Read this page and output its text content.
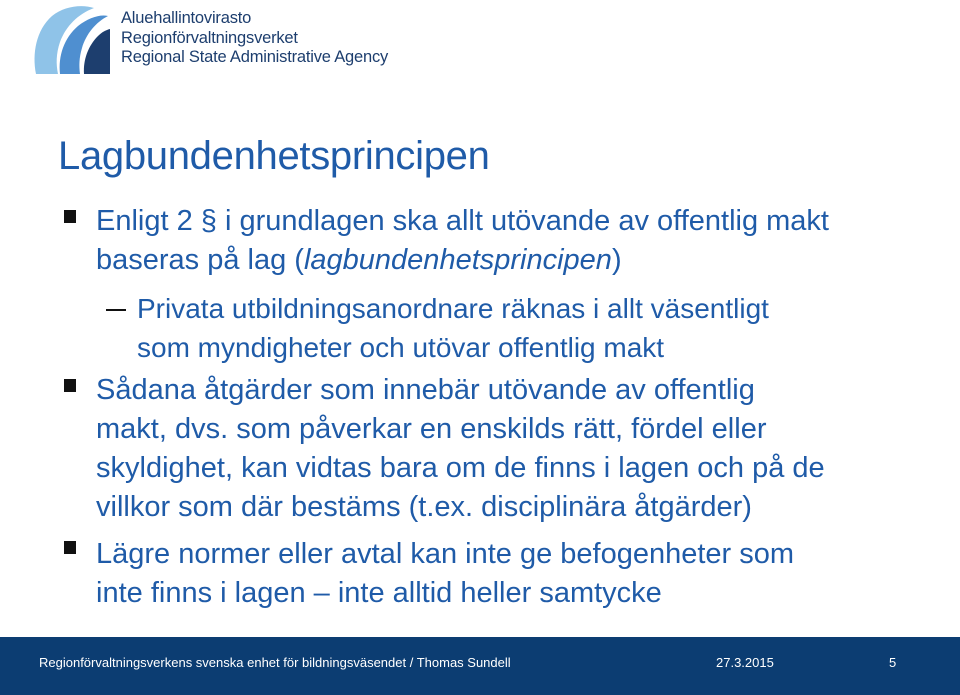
Aluehallintovirasto
Regionförvaltningsverket
Regional State Administrative Agency
Lagbundenhetsprincipen
Enligt 2 § i grundlagen ska allt utövande av offentlig makt
baseras på lag (lagbundenhetsprincipen)
Privata utbildningsanordnare räknas i allt väsentligt
som myndigheter och utövar offentlig makt
Sådana åtgärder som innebär utövande av offentlig
makt, dvs. som påverkar en enskilds rätt, fördel eller
skyldighet, kan vidtas bara om de finns i lagen och på de
villkor som där bestäms (t.ex. disciplinära åtgärder)
Lägre normer eller avtal kan inte ge befogenheter som
inte finns i lagen – inte alltid heller samtycke
Regionförvaltningsverkens svenska enhet för bildningsväsendet / Thomas Sundell	27.3.2015	5
